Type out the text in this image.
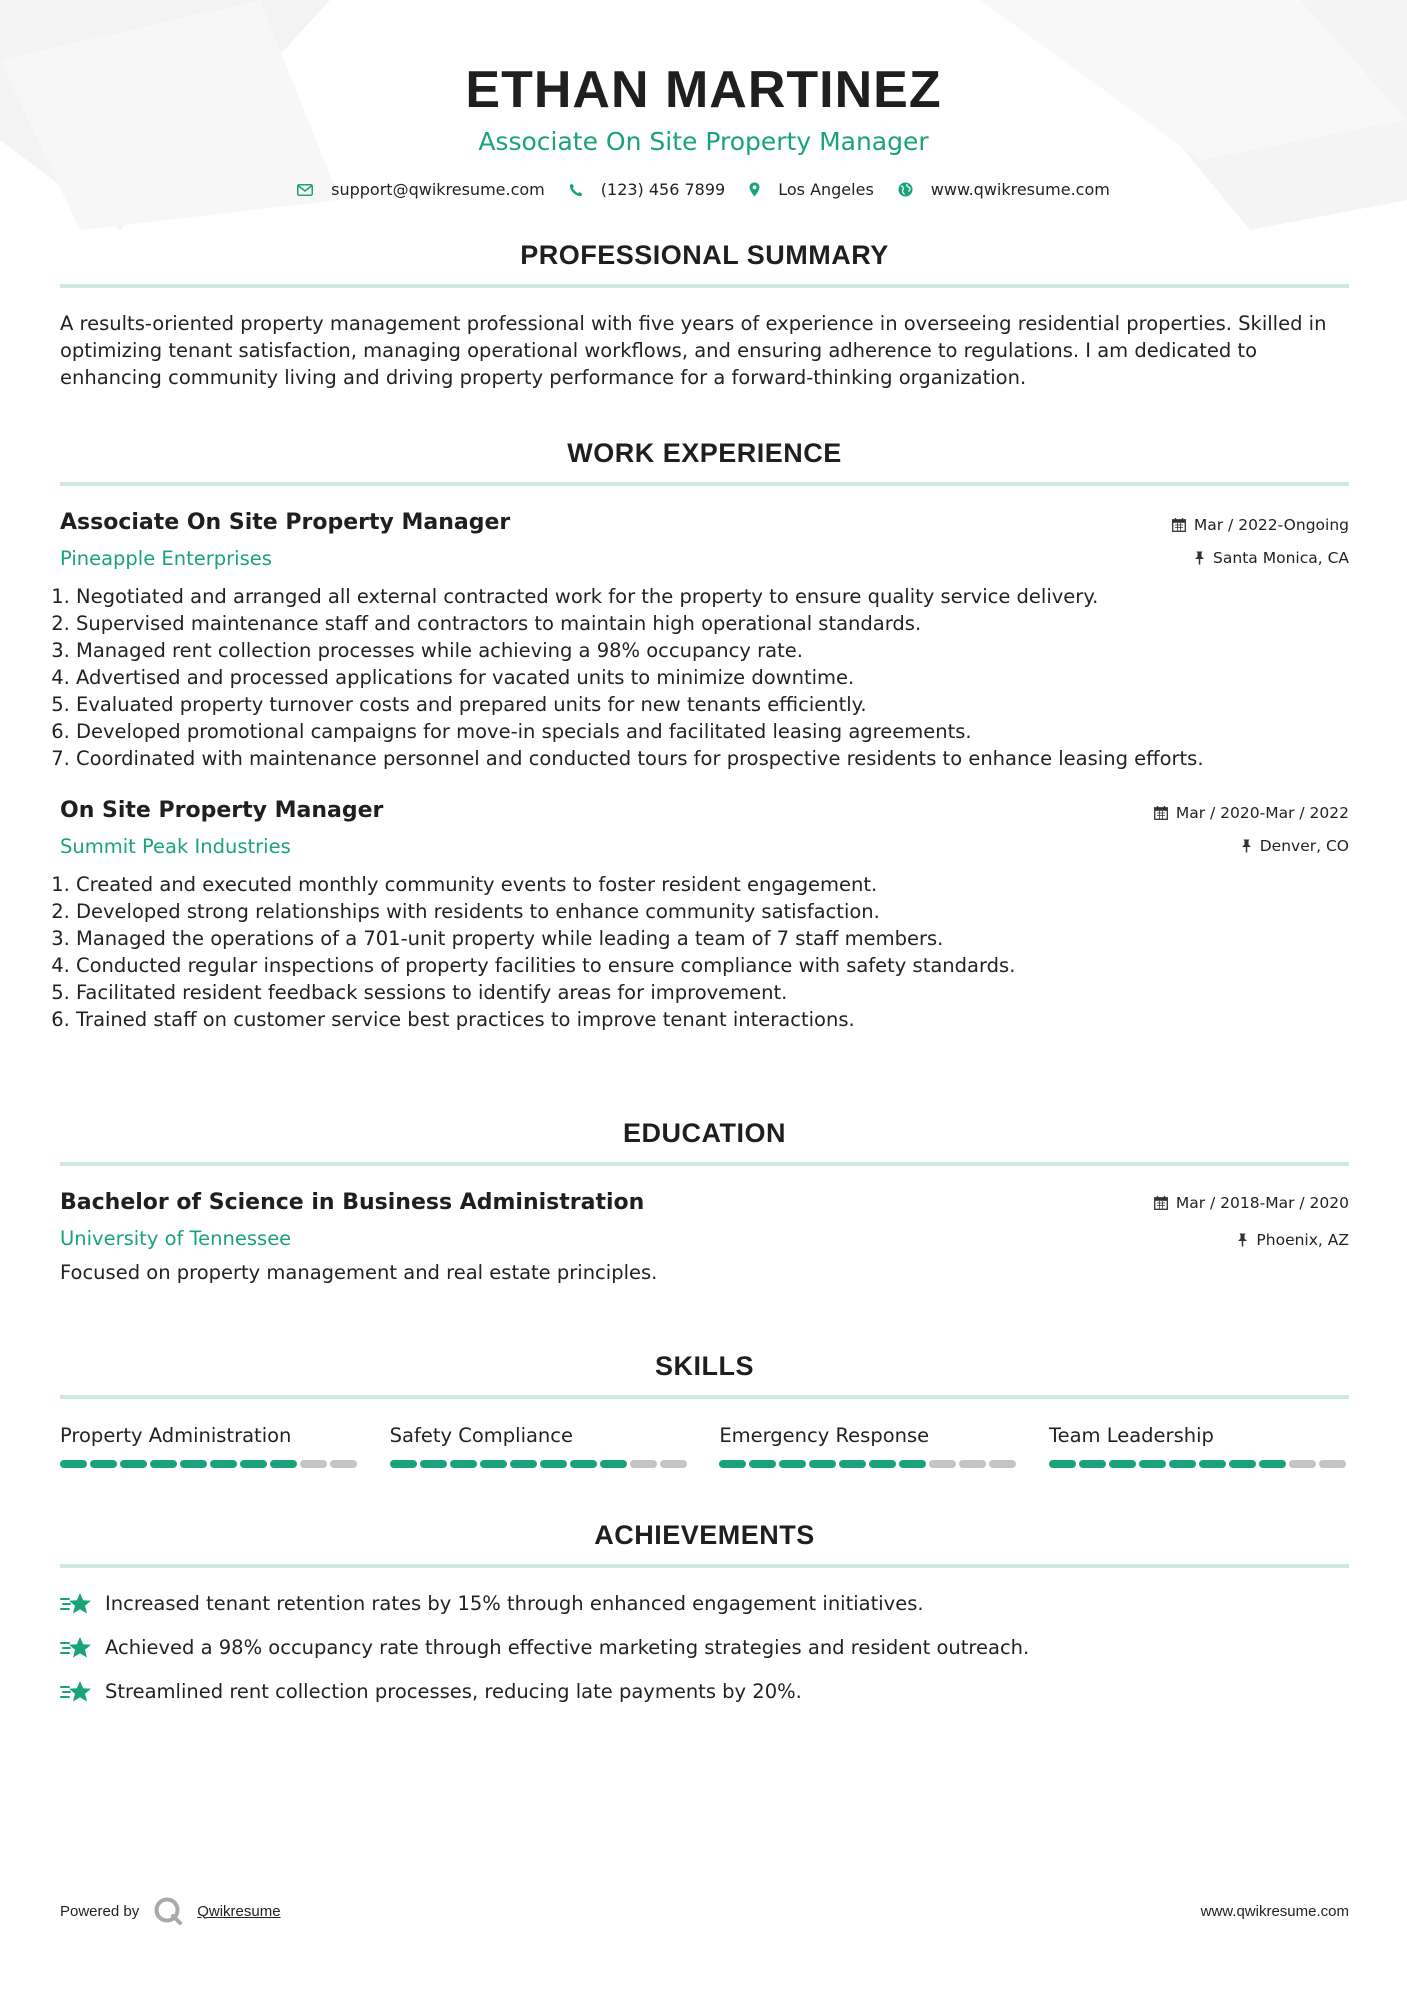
ETHAN MARTINEZ
Associate On Site Property Manager
support@qwikresume.com	(123) 456 7899	Los Angeles	www.qwikresume.com
PROFESSIONAL SUMMARY

A results-oriented property management professional with five years of experience in overseeing residential properties. Skilled in optimizing tenant satisfaction, managing operational workflows, and ensuring adherence to regulations. I am dedicated to enhancing community living and driving property performance for a forward-thinking organization.

WORK EXPERIENCE
Associate On Site Property Manager
Pineapple Enterprises
Mar / 2022-Ongoing
Santa Monica, CA
1. Negotiated and arranged all external contracted work for the property to ensure quality service delivery.
2. Supervised maintenance staff and contractors to maintain high operational standards.
3. Managed rent collection processes while achieving a 98% occupancy rate.
4. Advertised and processed applications for vacated units to minimize downtime.
5. Evaluated property turnover costs and prepared units for new tenants efficiently.
6. Developed promotional campaigns for move-in specials and facilitated leasing agreements.
7. Coordinated with maintenance personnel and conducted tours for prospective residents to enhance leasing efforts.
On Site Property Manager
Summit Peak Industries
Mar / 2020-Mar / 2022
Denver, CO
1. Created and executed monthly community events to foster resident engagement.
2. Developed strong relationships with residents to enhance community satisfaction.
3. Managed the operations of a 701-unit property while leading a team of 7 staff members.
4. Conducted regular inspections of property facilities to ensure compliance with safety standards.
5. Facilitated resident feedback sessions to identify areas for improvement.
6. Trained staff on customer service best practices to improve tenant interactions.
EDUCATION
Bachelor of Science in Business Administration
University of Tennessee
Mar / 2018-Mar / 2020
Phoenix, AZ
Focused on property management and real estate principles.
SKILLS
Property Administration	Safety Compliance	Emergency Response	Team Leadership
ACHIEVEMENTS
Increased tenant retention rates by 15% through enhanced engagement initiatives.
Achieved a 98% occupancy rate through effective marketing strategies and resident outreach.
Streamlined rent collection processes, reducing late payments by 20%.
Powered by	Qwikresume	www.qwikresume.com
